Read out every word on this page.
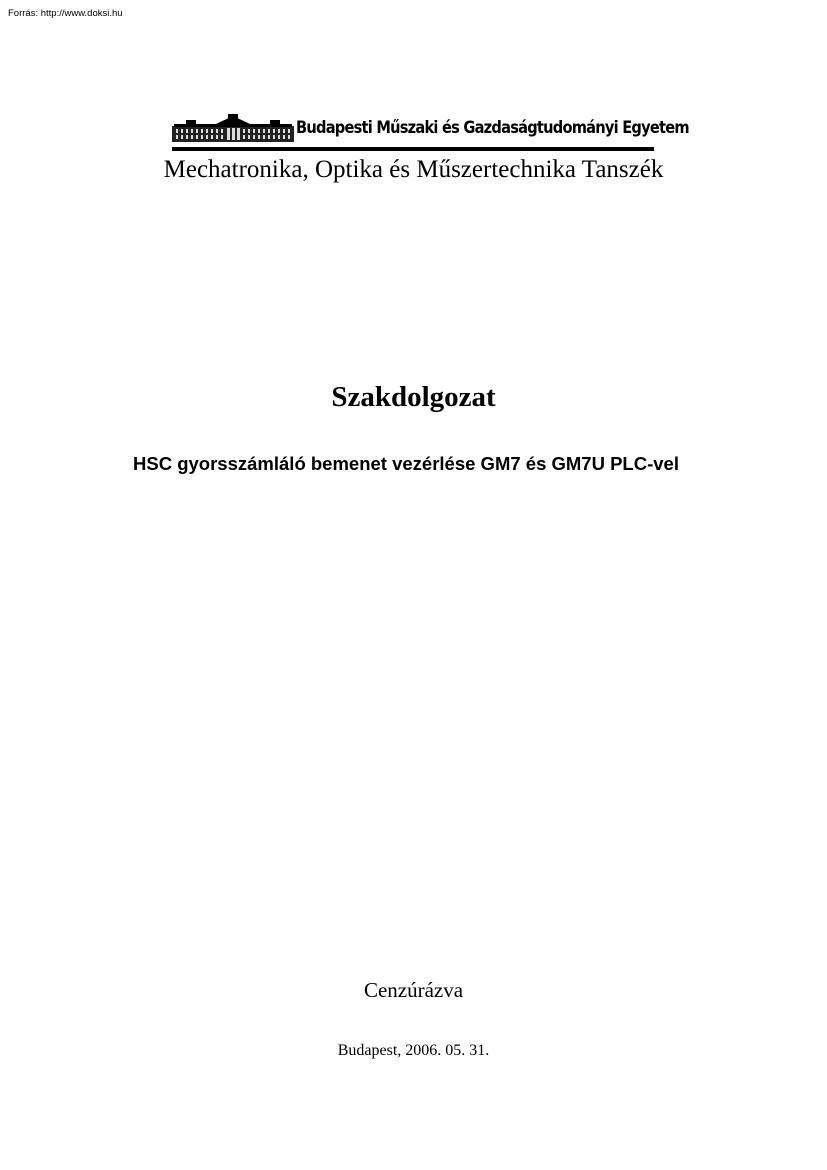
Forrás: http://www.doksi.hu
Budapesti Műszaki és Gazdaságtudományi Egyetem
Mechatronika, Optika és Műszertechnika Tanszék
Szakdolgozat
HSC gyorsszámláló bemenet vezérlése GM7 és GM7U PLC-vel
Cenzúrázva
Budapest, 2006. 05. 31.
